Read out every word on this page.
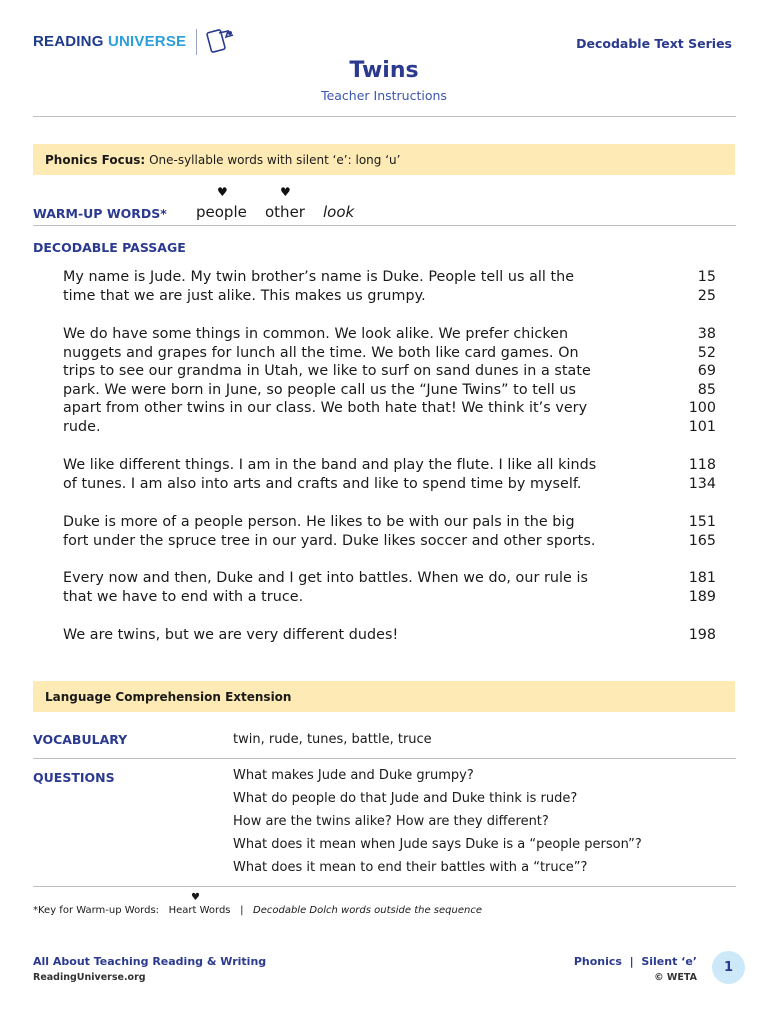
READING UNIVERSE	Decodable Text Series
Twins
Teacher Instructions
Phonics Focus: One-syllable words with silent ‘e’: long ‘u’
WARM-UP WORDS*
♥
people
♥
other look
DECODABLE PASSAGE
My name is Jude. My twin brother’s name is Duke. People tell us all the	15
time that we are just alike. This makes us grumpy.	25
We do have some things in common. We look alike. We prefer chicken	38
nuggets and grapes for lunch all the time. We both like card games. On	52
trips to see our grandma in Utah, we like to surf on sand dunes in a state	69
park. We were born in June, so people call us the “June Twins” to tell us	85
apart from other twins in our class. We both hate that! We think it’s very	100
rude.	101
We like different things. I am in the band and play the flute. I like all kinds	118
of tunes. I am also into arts and crafts and like to spend time by myself.	134
Duke is more of a people person. He likes to be with our pals in the big	151
fort under the spruce tree in our yard. Duke likes soccer and other sports.	165
Every now and then, Duke and I get into battles. When we do, our rule is	181
that we have to end with a truce.	189
We are twins, but we are very different dudes!	198
Language Comprehension Extension
VOCABULARY	twin, rude, tunes, battle, truce
QUESTIONS	What makes Jude and Duke grumpy?
What do people do that Jude and Duke think is rude?
How are the twins alike? How are they different?
What does it mean when Jude says Duke is a “people person”?
What does it mean to end their battles with a “truce”?
♥
*Key for Warm-up Words: Heart Words | Decodable Dolch words outside the sequence
All About Teaching Reading & Writing
ReadingUniverse.org
Phonics | Silent ‘e’
© WETA
1
